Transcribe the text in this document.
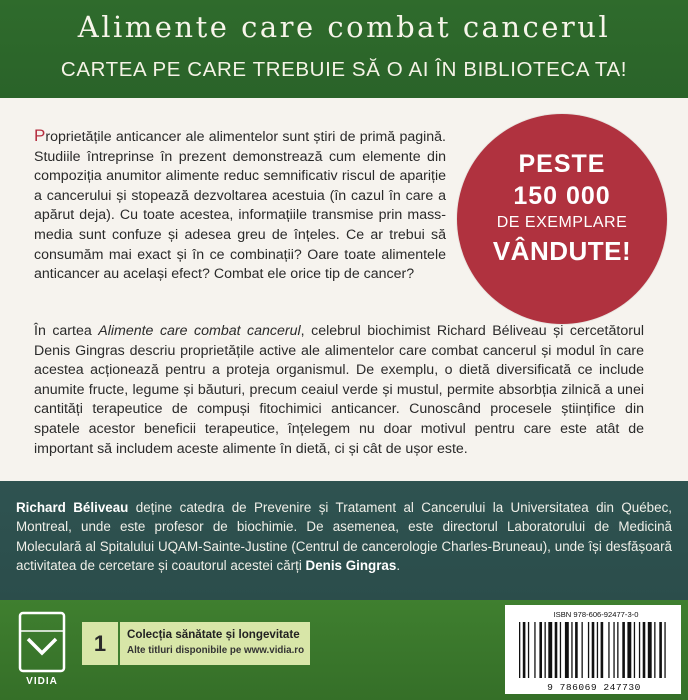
Alimente care combat cancerul
CARTEA PE CARE TREBUIE SĂ O AI ÎN BIBLIOTECA TA!

Proprietățile anticancer ale alimentelor sunt știri de primă pagină. Studiile întreprinse în prezent demonstrează cum elemente din compoziția anumitor alimente reduc semnificativ riscul de apariție a cancerului și stopează dezvoltarea acestuia (în cazul în care a apărut deja). Cu toate acestea, informațiile transmise prin mass-media sunt confuze și adesea greu de înțeles. Ce ar trebui să consumăm mai exact și în ce combinații? Oare toate alimentele anticancer au același efect? Combat ele orice tip de cancer?

PESTE
150 000
DE EXEMPLARE
VÂNDUTE!

În cartea Alimente care combat cancerul, celebrul biochimist Richard Béliveau și cercetătorul Denis Gingras descriu proprietățile active ale alimentelor care combat cancerul și modul în care acestea acționează pentru a proteja organismul. De exemplu, o dietă diversificată ce include anumite fructe, legume și băuturi, precum ceaiul verde și mustul, permite absorbția zilnică a unei cantități terapeutice de compuși fitochimici anticancer. Cunoscând procesele științifice din spatele acestor beneficii terapeutice, înțelegem nu doar motivul pentru care este atât de important să includem aceste alimente în dietă, ci și cât de ușor este.

Richard Béliveau deține catedra de Prevenire și Tratament al Cancerului la Universitatea din Québec, Montreal, unde este profesor de biochimie. De asemenea, este directorul Laboratorului de Medicină Moleculară al Spitalului UQAM-Sainte-Justine (Centrul de cancerologie Charles-Bruneau), unde își desfășoară activitatea de cercetare și coautorul acestei cărți Denis Gingras.

VIDIA
1	Colecția sănătate și longevitate
Alte titluri disponibile pe www.vidia.ro
ISBN 978-606-92477-3-0
9 786069 247730
